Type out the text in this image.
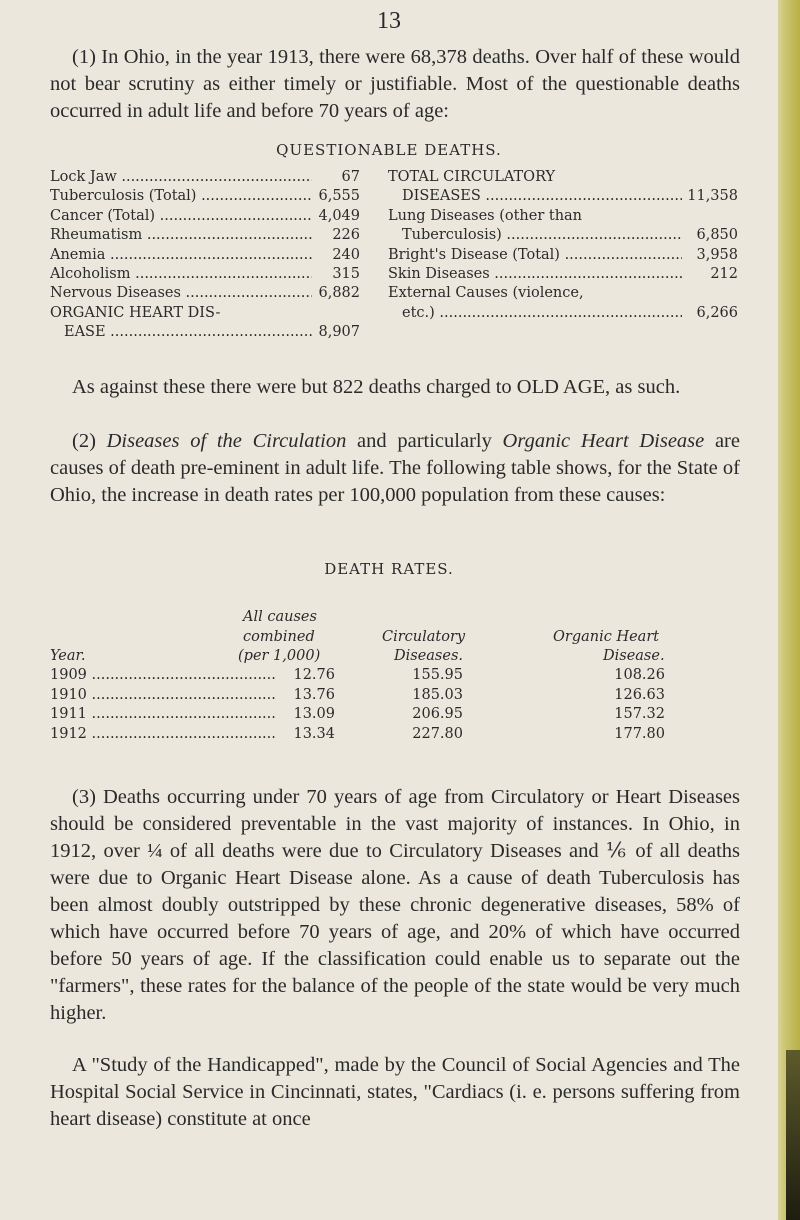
13

(1) In Ohio, in the year 1913, there were 68,378 deaths. Over half of these would not bear scrutiny as either timely or justifiable. Most of the questionable deaths occurred in adult life and before 70 years of age:

QUESTIONABLE DEATHS.
Lock Jaw .....	67
Tuberculosis (Total) .....	6,555
Cancer (Total) .....	4,049
Rheumatism .....	226
Anemia .....	240
Alcoholism .....	315
Nervous Diseases .....	6,882
ORGANIC HEART DIS-
EASE .....	8,907
TOTAL CIRCULATORY
DISEASES .....	11,358
Lung Diseases (other than
Tuberculosis) .....	6,850
Bright's Disease (Total) .....	3,958
Skin Diseases .....	212
External Causes (violence,
etc.) .....	6,266

As against these there were but 822 deaths charged to OLD AGE, as such.

(2) Diseases of the Circulation and particularly Organic Heart Disease are causes of death pre-eminent in adult life. The following table shows, for the State of Ohio, the increase in death rates per 100,000 population from these causes:

DEATH RATES.
Year.
All causes
combined
(per 1,000)
Circulatory
Diseases.
Organic Heart
Disease.
1909 .....	12.76	155.95	108.26
1910 .....	13.76	185.03	126.63
1911 .....	13.09	206.95	157.32
1912 .....	13.34	227.80	177.80

(3) Deaths occurring under 70 years of age from Circulatory or Heart Diseases should be considered preventable in the vast majority of instances. In Ohio, in 1912, over ¼ of all deaths were due to Circulatory Diseases and ⅙ of all deaths were due to Organic Heart Disease alone. As a cause of death Tuberculosis has been almost doubly outstripped by these chronic degenerative diseases, 58% of which have occurred before 70 years of age, and 20% of which have occurred before 50 years of age. If the classification could enable us to separate out the "farmers", these rates for the balance of the people of the state would be very much higher.

A "Study of the Handicapped", made by the Council of Social Agencies and The Hospital Social Service in Cincinnati, states, "Cardiacs (i. e. persons suffering from heart disease) constitute at once
